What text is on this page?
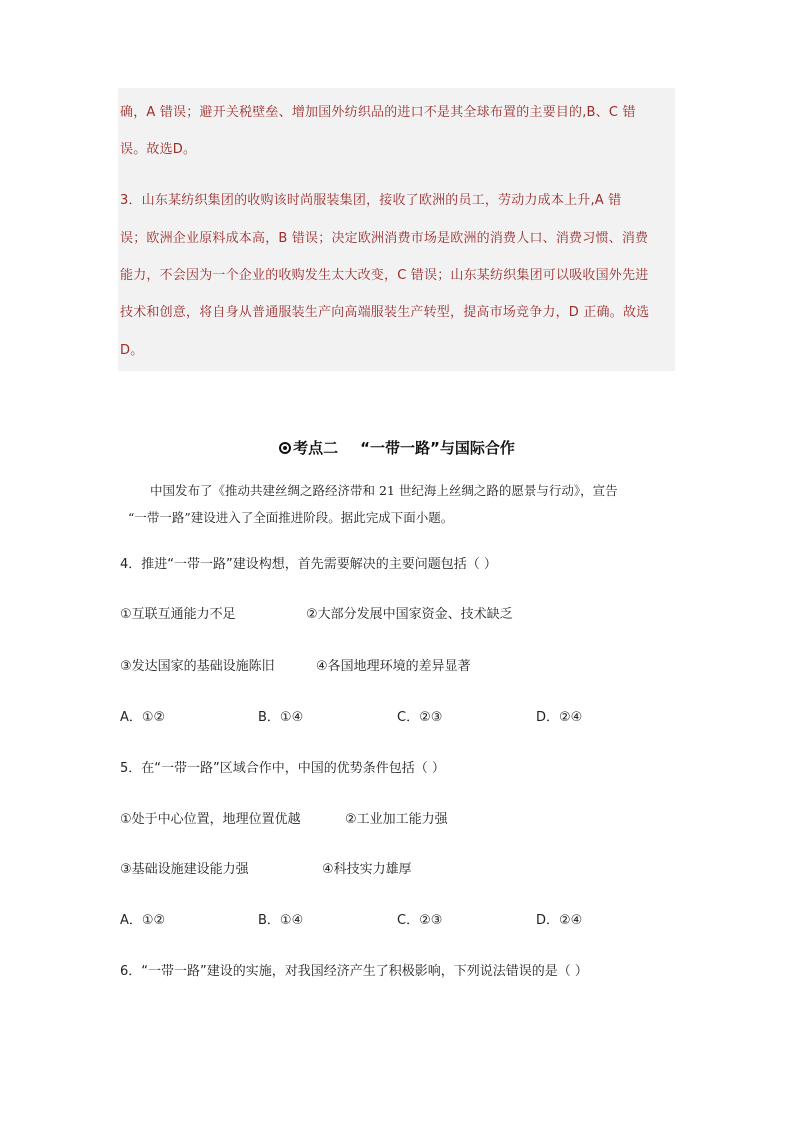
确，A 错误；避开关税壁垒、增加国外纺织品的进口不是其全球布置的主要目的,B、C 错
误。故选D。
3．山东某纺织集团的收购该时尚服装集团，接收了欧洲的员工，劳动力成本上升,A 错
误；欧洲企业原料成本高，B 错误；决定欧洲消费市场是欧洲的消费人口、消费习惯、消费
能力，不会因为一个企业的收购发生太大改变，C 错误；山东某纺织集团可以吸收国外先进
技术和创意，将自身从普通服装生产向高端服装生产转型，提高市场竞争力，D 正确。故选
D。
考点二 “一带一路”与国际合作
中国发布了《推动共建丝绸之路经济带和 21 世纪海上丝绸之路的愿景与行动》，宣告
“一带一路”建设进入了全面推进阶段。据此完成下面小题。
4．推进“一带一路”建设构想，首先需要解决的主要问题包括（ ）
①互联互通能力不足	②大部分发展中国家资金、技术缺乏
③发达国家的基础设施陈旧	④各国地理环境的差异显著
A．①②	B．①④	C．②③	D．②④
5．在“一带一路”区域合作中，中国的优势条件包括（ ）
①处于中心位置，地理位置优越	②工业加工能力强
③基础设施建设能力强	④科技实力雄厚
A．①②	B．①④	C．②③	D．②④
6．“一带一路”建设的实施，对我国经济产生了积极影响，下列说法错误的是（ ）
